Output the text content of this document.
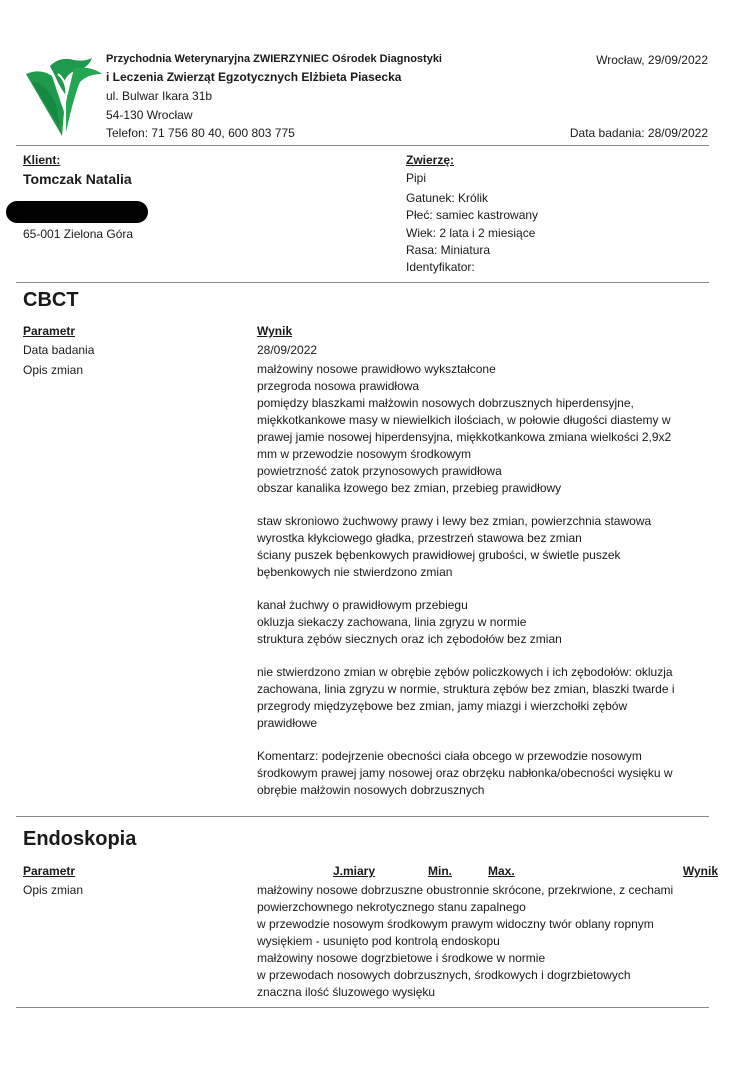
Przychodnia Weterynaryjna ZWIERZYNIEC Ośrodek Diagnostyki
i Leczenia Zwierząt Egzotycznych Elżbieta Piasecka
ul. Bulwar Ikara 31b
54-130 Wrocław
Telefon: 71 756 80 40, 600 803 775
Wrocław, 29/09/2022
Data badania: 28/09/2022
Klient:
Tomczak Natalia
65-001 Zielona Góra
Zwierzę:
Pipi
Gatunek: Królik
Płeć: samiec kastrowany
Wiek: 2 lata i 2 miesiące
Rasa: Miniatura
Identyfikator:
CBCT
Parametr	Wynik
Data badania	28/09/2022
Opis zmian	małżowiny nosowe prawidłowo wykształcone
przegroda nosowa prawidłowa
pomiędzy blaszkami małżowin nosowych dobrzusznych hiperdensyjne,
miękkotkankowe masy w niewielkich ilościach, w połowie długości diastemy w
prawej jamie nosowej hiperdensyjna, miękkotkankowa zmiana wielkości 2,9x2
mm w przewodzie nosowym środkowym
powietrzność zatok przynosowych prawidłowa
obszar kanalika łzowego bez zmian, przebieg prawidłowy
staw skroniowo żuchwowy prawy i lewy bez zmian, powierzchnia stawowa
wyrostka kłykciowego gładka, przestrzeń stawowa bez zmian
ściany puszek bębenkowych prawidłowej grubości, w świetle puszek
bębenkowych nie stwierdzono zmian
kanał żuchwy o prawidłowym przebiegu
okluzja siekaczy zachowana, linia zgryzu w normie
struktura zębów siecznych oraz ich zębodołów bez zmian
nie stwierdzono zmian w obrębie zębów policzkowych i ich zębodołów: okluzja
zachowana, linia zgryzu w normie, struktura zębów bez zmian, blaszki twarde i
przegrody międzyzębowe bez zmian, jamy miazgi i wierzchołki zębów
prawidłowe
Komentarz: podejrzenie obecności ciała obcego w przewodzie nosowym
środkowym prawej jamy nosowej oraz obrzęku nabłonka/obecności wysięku w
obrębie małżowin nosowych dobrzusznych
Endoskopia
Parametr	J.miary	Min.	Max.	Wynik
Opis zmian	małżowiny nosowe dobrzuszne obustronnie skrócone, przekrwione, z cechami
powierzchownego nekrotycznego stanu zapalnego
w przewodzie nosowym środkowym prawym widoczny twór oblany ropnym
wysiękiem - usunięto pod kontrolą endoskopu
małżowiny nosowe dogrzbietowe i środkowe w normie
w przewodach nosowych dobrzusznych, środkowych i dogrzbietowych
znaczna ilość śluzowego wysięku
